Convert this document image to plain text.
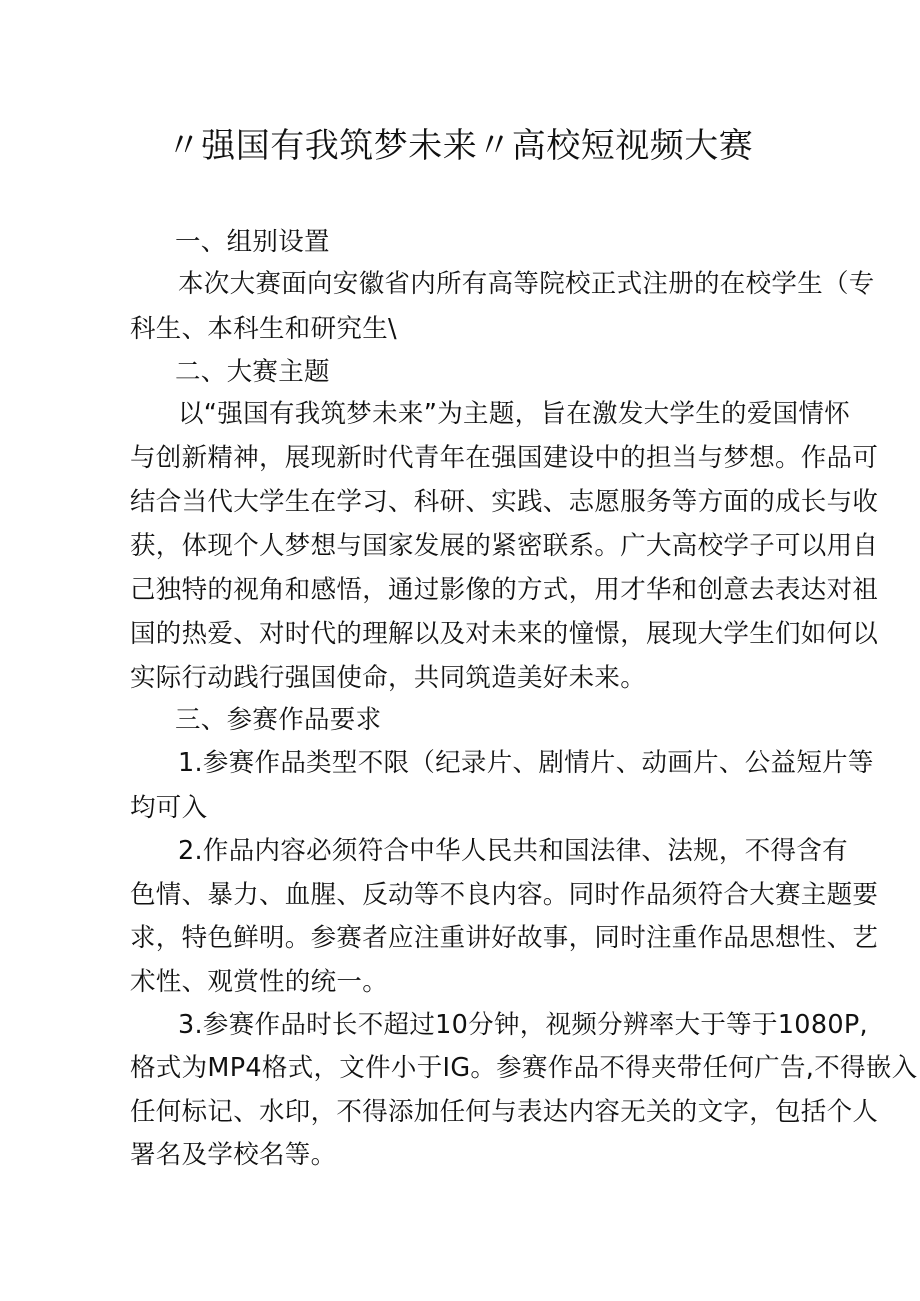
〃强国有我筑梦未来〃高校短视频大赛
一、组别设置
本次大赛面向安徽省内所有高等院校正式注册的在校学生（专
科生、本科生和研究生\
二、大赛主题
以“强国有我筑梦未来”为主题，旨在激发大学生的爱国情怀
与创新精神，展现新时代青年在强国建设中的担当与梦想。作品可
结合当代大学生在学习、科研、实践、志愿服务等方面的成长与收
获，体现个人梦想与国家发展的紧密联系。广大高校学子可以用自
己独特的视角和感悟，通过影像的方式，用才华和创意去表达对祖
国的热爱、对时代的理解以及对未来的憧憬，展现大学生们如何以
实际行动践行强国使命，共同筑造美好未来。
三、参赛作品要求
1.参赛作品类型不限（纪录片、剧情片、动画片、公益短片等
均可入
2.作品内容必须符合中华人民共和国法律、法规，不得含有
色情、暴力、血腥、反动等不良内容。同时作品须符合大赛主题要
求，特色鲜明。参赛者应注重讲好故事，同时注重作品思想性、艺
术性、观赏性的统一。
3.参赛作品时长不超过10分钟，视频分辨率大于等于1080P,
格式为MP4格式，文件小于IG。参赛作品不得夹带任何广告,不得嵌入
任何标记、水印，不得添加任何与表达内容无关的文字，包括个人
署名及学校名等。
